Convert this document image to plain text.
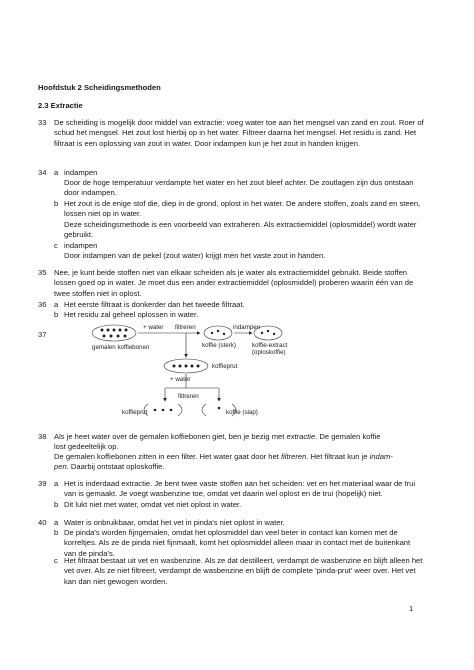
Hoofdstuk 2 Scheidingsmethoden
2.3 Extractie
33 De scheiding is mogelijk door middel van extractie: voeg water toe aan het mengsel van zand en zout. Roer of schud het mengsel. Het zout lost hierbij op in het water. Filtreer daarna het mengsel. Het residu is zand. Het filtraat is een oplossing van zout in water. Door indampen kun je het zout in handen krijgen.
34 a indampen
Door de hoge temperatuur verdampte het water en het zout bleef achter. De zoutlagen zijn dus ontstaan door indampen.
b Het zout is de enige stof die, diep in de grond, oplost in het water. De andere stoffen, zoals zand en steen, lossen niet op in water.
Deze scheidingsmethode is een voorbeeld van extraheren. Als extractiemiddel (oplosmiddel) wordt water gebruikt.
c indampen
Door indampen van de pekel (zout water) krijgt men het vaste zout in handen.
35 Nee, je kunt beide stoffen niet van elkaar scheiden als je water als extractiemiddel gebruikt. Beide stoffen lossen goed op in water. Je moet dus een ander extractiemiddel (oplosmiddel) proberen waarin één van de twee stoffen niet in oplost.
36 a Het eerste filtraat is donkerder dan het tweede filtraat.
b Het residu zal geheel oplossen in water.
37
+ water filtreren	indampen
gemalen koffiebonen	koffie (sterk)	koffie-extract
(oploskoffie)
koffieprut
+ water
filtreren
koffieprut	koffie (slap)
38 Als je heet water over de gemalen koffiebonen giet, ben je bezig met extractie. De gemalen koffie
lost gedeeltelijk op.
De gemalen koffiebonen zitten in een filter. Het water gaat door het filtreren. Het filtraat kun je indam-
pen. Daarbij ontstaat oploskoffie.
39 a Het is inderdaad extractie. Je bent twee vaste stoffen aan het scheiden: vet en het materiaal waar de trui van is gemaakt. Je voegt wasbenzine toe, omdat vet daarin wel oplost en de trui (hopelijk) niet.
b Dit lukt niet met water, omdat vet niet oplost in water.
40 a Water is onbruikbaar, omdat het vet in pinda's niet oplost in water.
b De pinda's worden fijngemalen, omdat het oplosmiddel dan veel beter in contact kan komen met de korreltjes. Als ze de pinda niet fijnmaalt, komt het oplosmiddel alleen maar in contact met de buitenkant van de pinda's.
c Het filtraat bestaat uit vet en wasbenzine. Als ze dat destilleert, verdampt de wasbenzine en blijft alleen het vet over. Als ze niet filtreert, verdampt de wasbenzine en blijft de complete 'pinda-prut' weer over. Het vet kan dan niet gewogen worden.
1
